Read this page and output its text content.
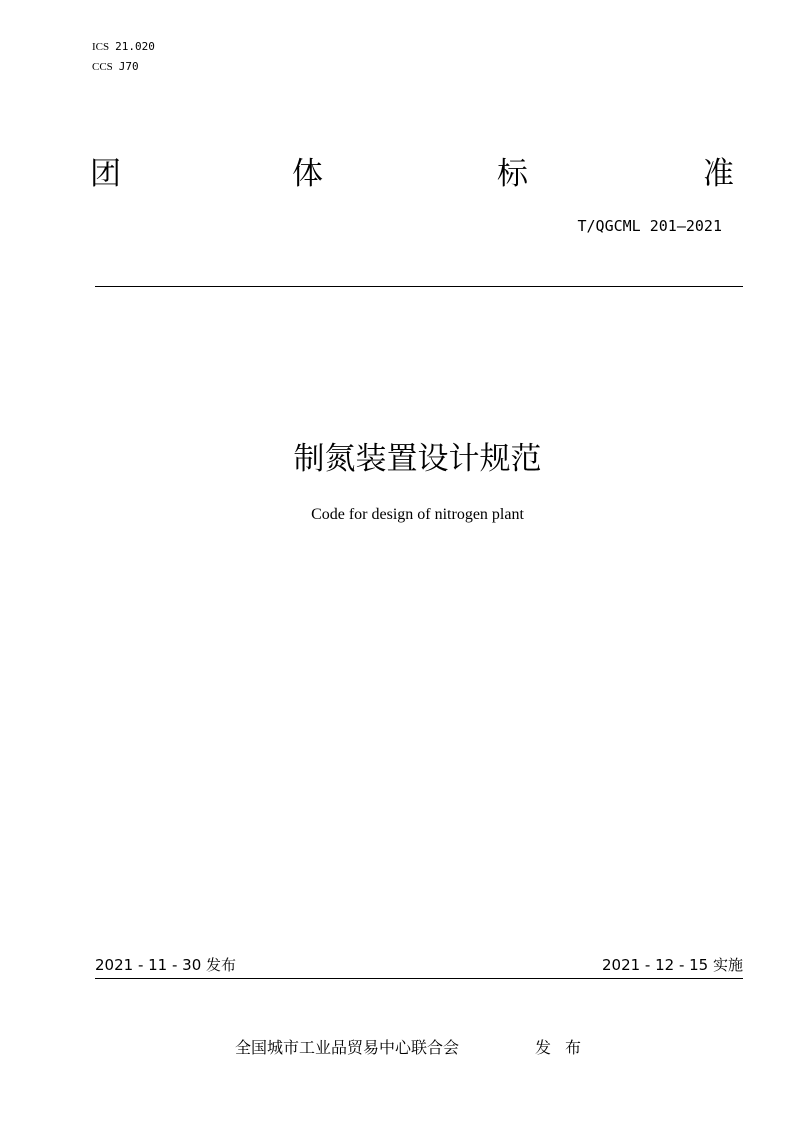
ICS 21.020
CCS J70
团	体	标	准
T/QGCML 201—2021
制氮装置设计规范
Code for design of nitrogen plant
2021 - 11 - 30 发布	2021 - 12 - 15 实施
全国城市工业品贸易中心联合会	发布
